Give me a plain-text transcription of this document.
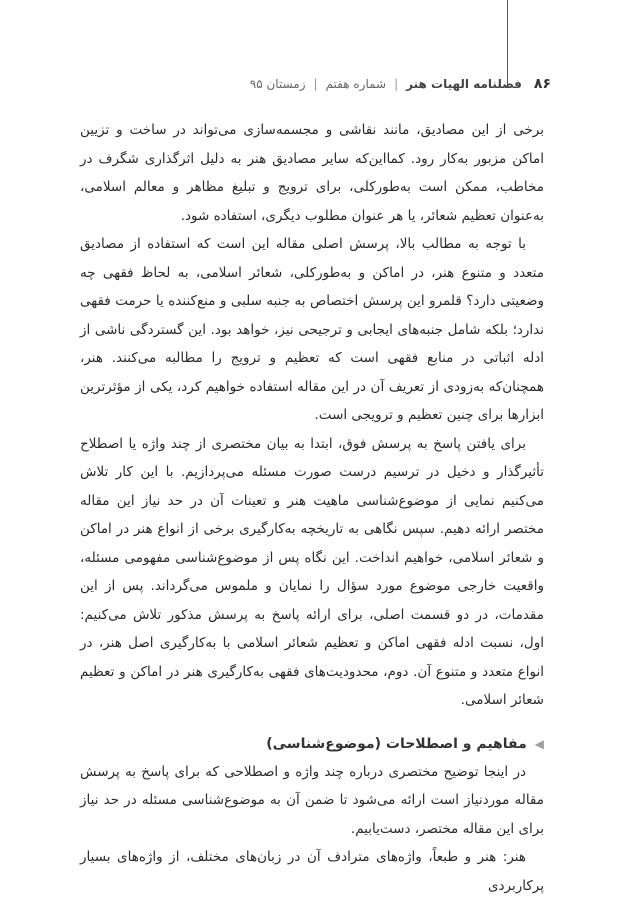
۸۶
فصلنامه الهیات هنر
|
شماره هفتم
|
زمستان ۹۵

برخی از این مصادیق، مانند نقاشی و مجسمه‌سازی می‌تواند در ساخت و تزیین اماکن مزبور به‌کار رود. کمااین‌که سایر مصادیق هنر به دلیل اثرگذاری شگرف در مخاطب، ممکن است به‌طورکلی، برای ترویج و تبلیغ مظاهر و معالم اسلامی، به‌عنوان تعظیم شعائر، یا هر عنوان مطلوب دیگری، استفاده شود.

با توجه به مطالب بالا، پرسش اصلی مقاله این است که استفاده از مصادیق متعدد و متنوع هنر، در اماکن و به‌طورکلی، شعائر اسلامی، به لحاظ فقهی چه وضعیتی دارد؟ قلمرو این پرسش اختصاص به جنبه سلبی و منع‌کننده یا حرمت فقهی ندارد؛ بلکه شامل جنبه‌های ایجابی و ترجیحی نیز، خواهد بود. این گستردگی ناشی از ادله اثباتی در منابع فقهی است که تعظیم و ترویج را مطالبه می‌کنند. هنر، همچنان‌که به‌زودی از تعریف آن در این مقاله استفاده خواهیم کرد، یکی از مؤثرترین ابزارها برای چنین تعظیم و ترویجی است.

برای یافتن پاسخ به پرسش فوق، ابتدا به بیان مختصری از چند واژه یا اصطلاح تأثیرگذار و دخیل در ترسیم درست صورت مسئله می‌پردازیم. با این کار تلاش می‌کنیم نمایی از موضوع‌شناسی ماهیت هنر و تعینات آن در حد نیاز این مقاله مختصر ارائه دهیم. سپس نگاهی به تاریخچه به‌کارگیری برخی از انواع هنر در اماکن و شعائر اسلامی، خواهیم انداخت. این نگاه پس از موضوع‌شناسی مفهومی مسئله، واقعیت خارجی موضوع مورد سؤال را نمایان و ملموس می‌گرداند. پس از این مقدمات، در دو قسمت اصلی، برای ارائه پاسخ به پرسش مذکور تلاش می‌کنیم: اول، نسبت ادله فقهی اماکن و تعظیم شعائر اسلامی با به‌کارگیری اصل هنر، در انواع متعدد و متنوع آن. دوم، محدودیت‌های فقهی به‌کارگیری هنر در اماکن و تعظیم شعائر اسلامی.

◀
مفاهیم و اصطلاحات (موضوع‌شناسی)

در اینجا توضیح مختصری درباره چند واژه و اصطلاحی که برای پاسخ به پرسش مقاله موردنیاز است ارائه می‌شود تا ضمن آن به موضوع‌شناسی مسئله در حد نیاز برای این مقاله مختصر، دست‌یابیم.

هنر: هنر و طبعاً، واژه‌های مترادف آن در زبان‌های مختلف، از واژه‌های بسیار پرکاربردی
